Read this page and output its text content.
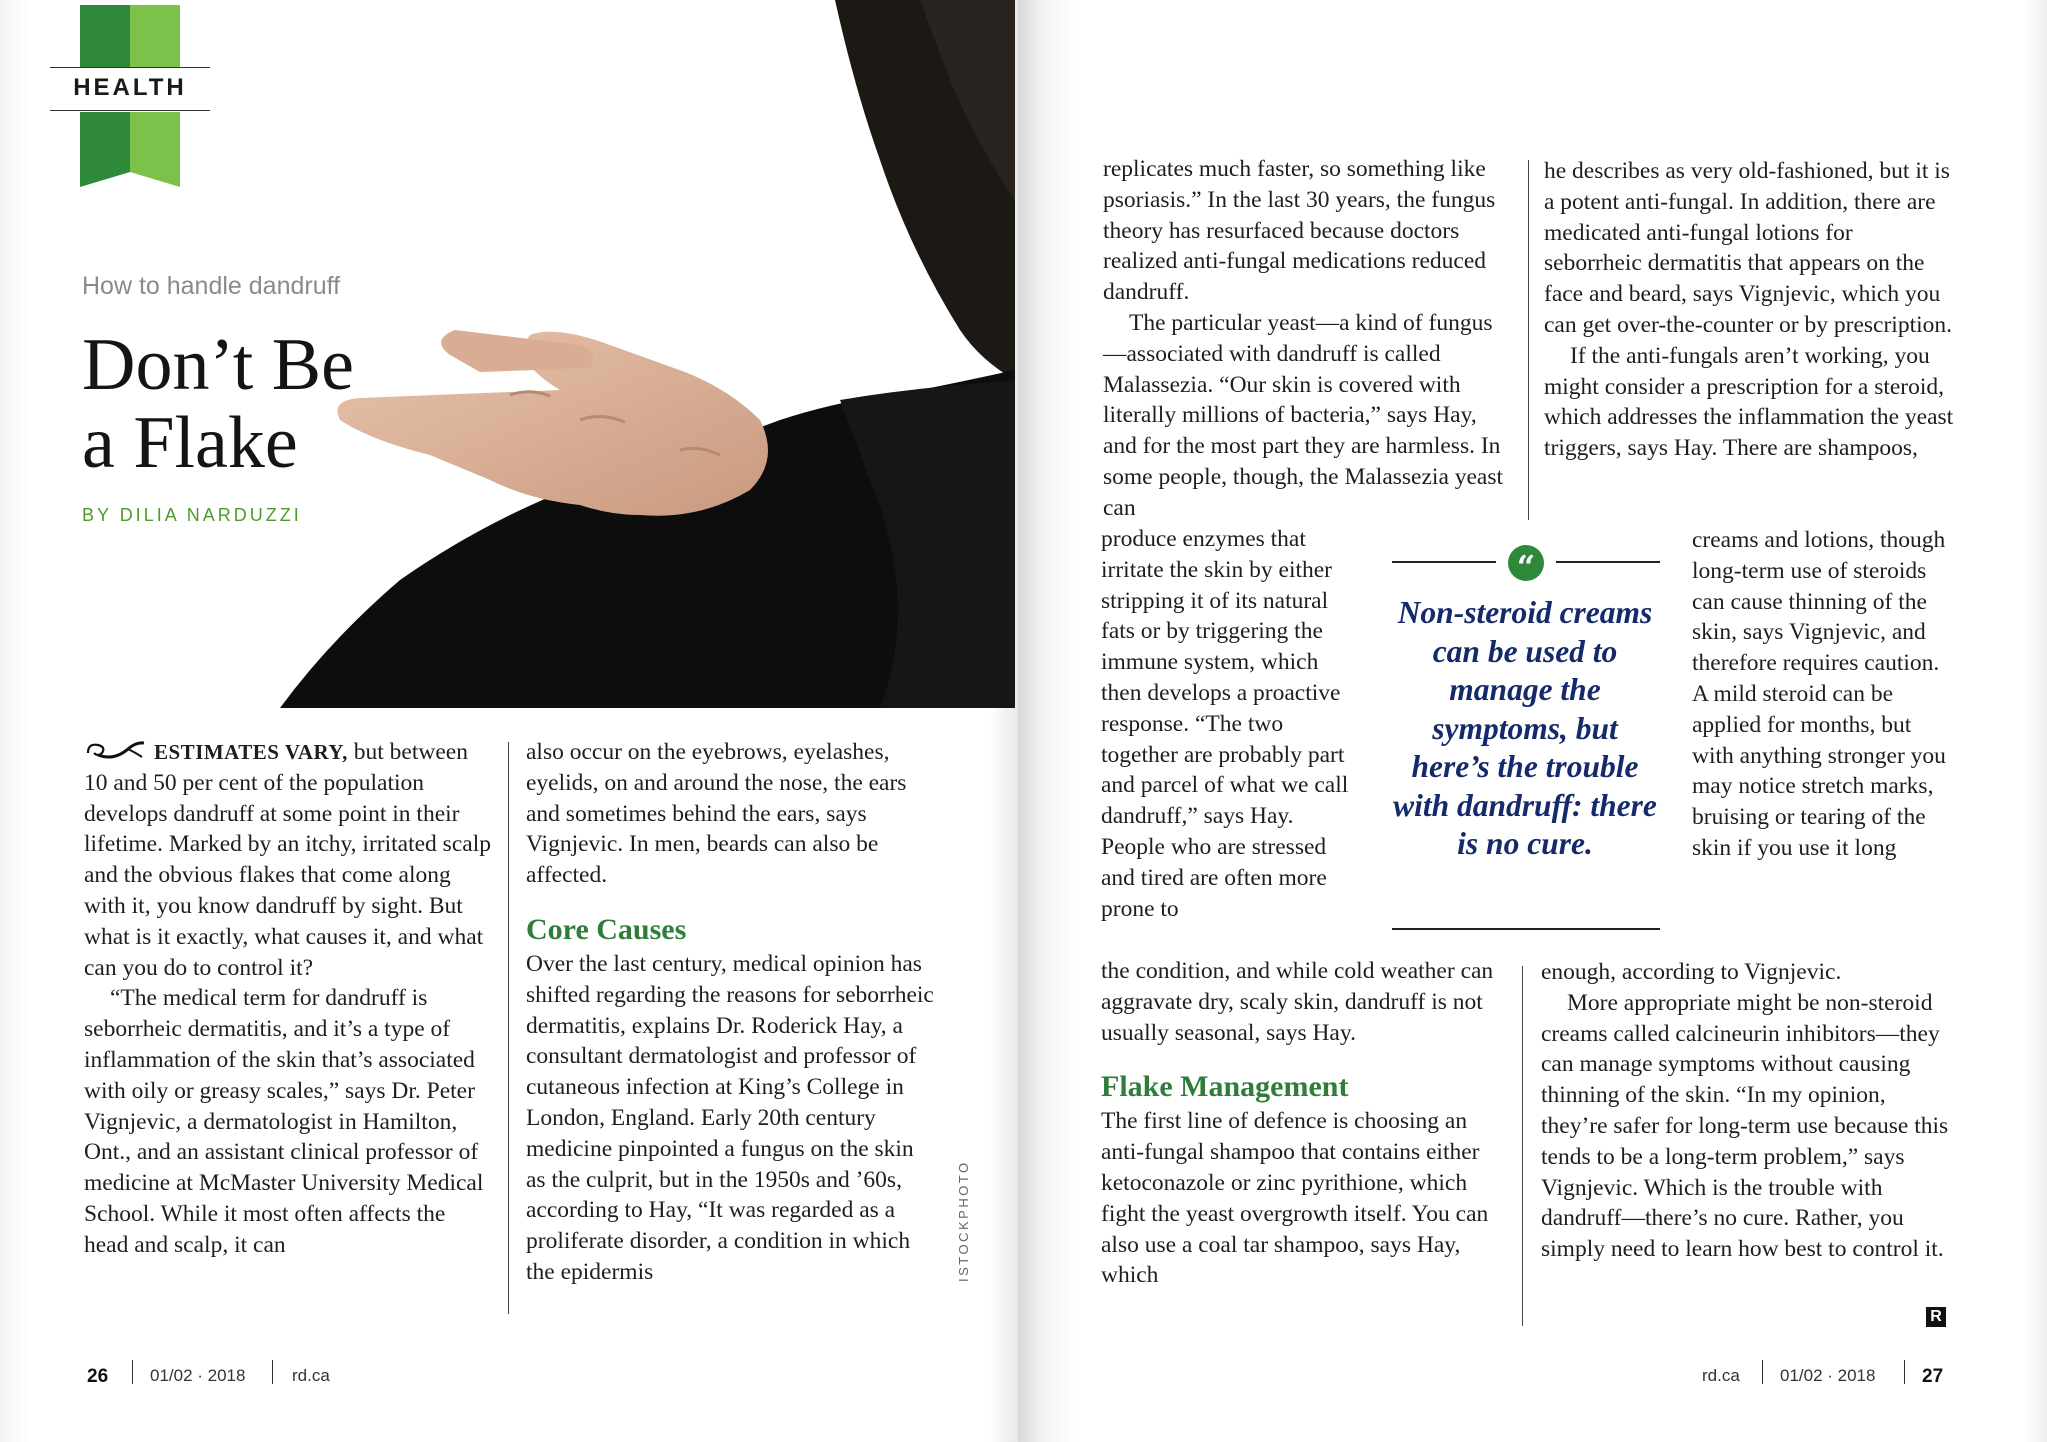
HEALTH
How to handle dandruff
Don’t Be
a Flake
BY DILIA NARDUZZI

ESTIMATES VARY, but between 10 and 50 per cent of the population develops dandruff at some point in their lifetime. Marked by an itchy, irritated scalp and the obvious flakes that come along with it, you know dandruff by sight. But what is it exactly, what causes it, and what can you do to control it?

“The medical term for dandruff is seborrheic dermatitis, and it’s a type of inflammation of the skin that’s associated with oily or greasy scales,” says Dr. Peter Vignjevic, a dermatologist in Hamilton, Ont., and an assistant clinical professor of medicine at McMaster University Medical School. While it most often affects the head and scalp, it can

also occur on the eyebrows, eyelashes, eyelids, on and around the nose, the ears and sometimes behind the ears, says Vignjevic. In men, beards can also be affected.

Core Causes

Over the last century, medical opinion has shifted regarding the reasons for seborrheic dermatitis, explains Dr. Roderick Hay, a consultant dermatologist and professor of cutaneous infection at King’s College in London, England. Early 20th century medicine pinpointed a fungus on the skin as the culprit, but in the 1950s and ’60s, according to Hay, “It was regarded as a proliferate disorder, a condition in which the epidermis	ISTOCKPHOTO
26 01/02 · 2018	rd.ca

replicates much faster, so something like psoriasis.” In the last 30 years, the fungus theory has resurfaced because doctors realized anti-fungal medications reduced dandruff.

The particular yeast—a kind of fungus—associated with dandruff is called Malassezia. “Our skin is covered with literally millions of bacteria,” says Hay, and for the most part they are harmless. In some people, though, the Malassezia yeast can

produce enzymes that irritate the skin by either stripping it of its natural fats or by triggering the immune system, which then develops a proactive response. “The two together are probably part and parcel of what we call dandruff,” says Hay. People who are stressed and tired are often more prone to

the condition, and while cold weather can aggravate dry, scaly skin, dandruff is not usually seasonal, says Hay.

Flake Management

The first line of defence is choosing an anti-fungal shampoo that contains either ketoconazole or zinc pyrithione, which fight the yeast overgrowth itself. You can also use a coal tar shampoo, says Hay, which

“
Non-steroid creams can be used to manage the symptoms, but here’s the trouble with dandruff: there is no cure.

he describes as very old-fashioned, but it is a potent anti-fungal. In addition, there are medicated anti-fungal lotions for seborrheic dermatitis that appears on the face and beard, says Vignjevic, which you can get over-the-counter or by prescription.

If the anti-fungals aren’t working, you might consider a prescription for a steroid, which addresses the inflammation the yeast triggers, says Hay. There are shampoos,

creams and lotions, though long-term use of steroids can cause thinning of the skin, says Vignjevic, and therefore requires caution. A mild steroid can be applied for months, but with anything stronger you may notice stretch marks, bruising or tearing of the skin if you use it long

enough, according to Vignjevic.

More appropriate might be non-steroid creams called calcineurin inhibitors—they can manage symptoms without causing thinning of the skin. “In my opinion, they’re safer for long-term use because this tends to be a long-term problem,” says Vignjevic. Which is the trouble with dandruff—there’s no cure. Rather, you simply need to learn how best to control it.

R
rd.ca 01/02 · 2018 27
